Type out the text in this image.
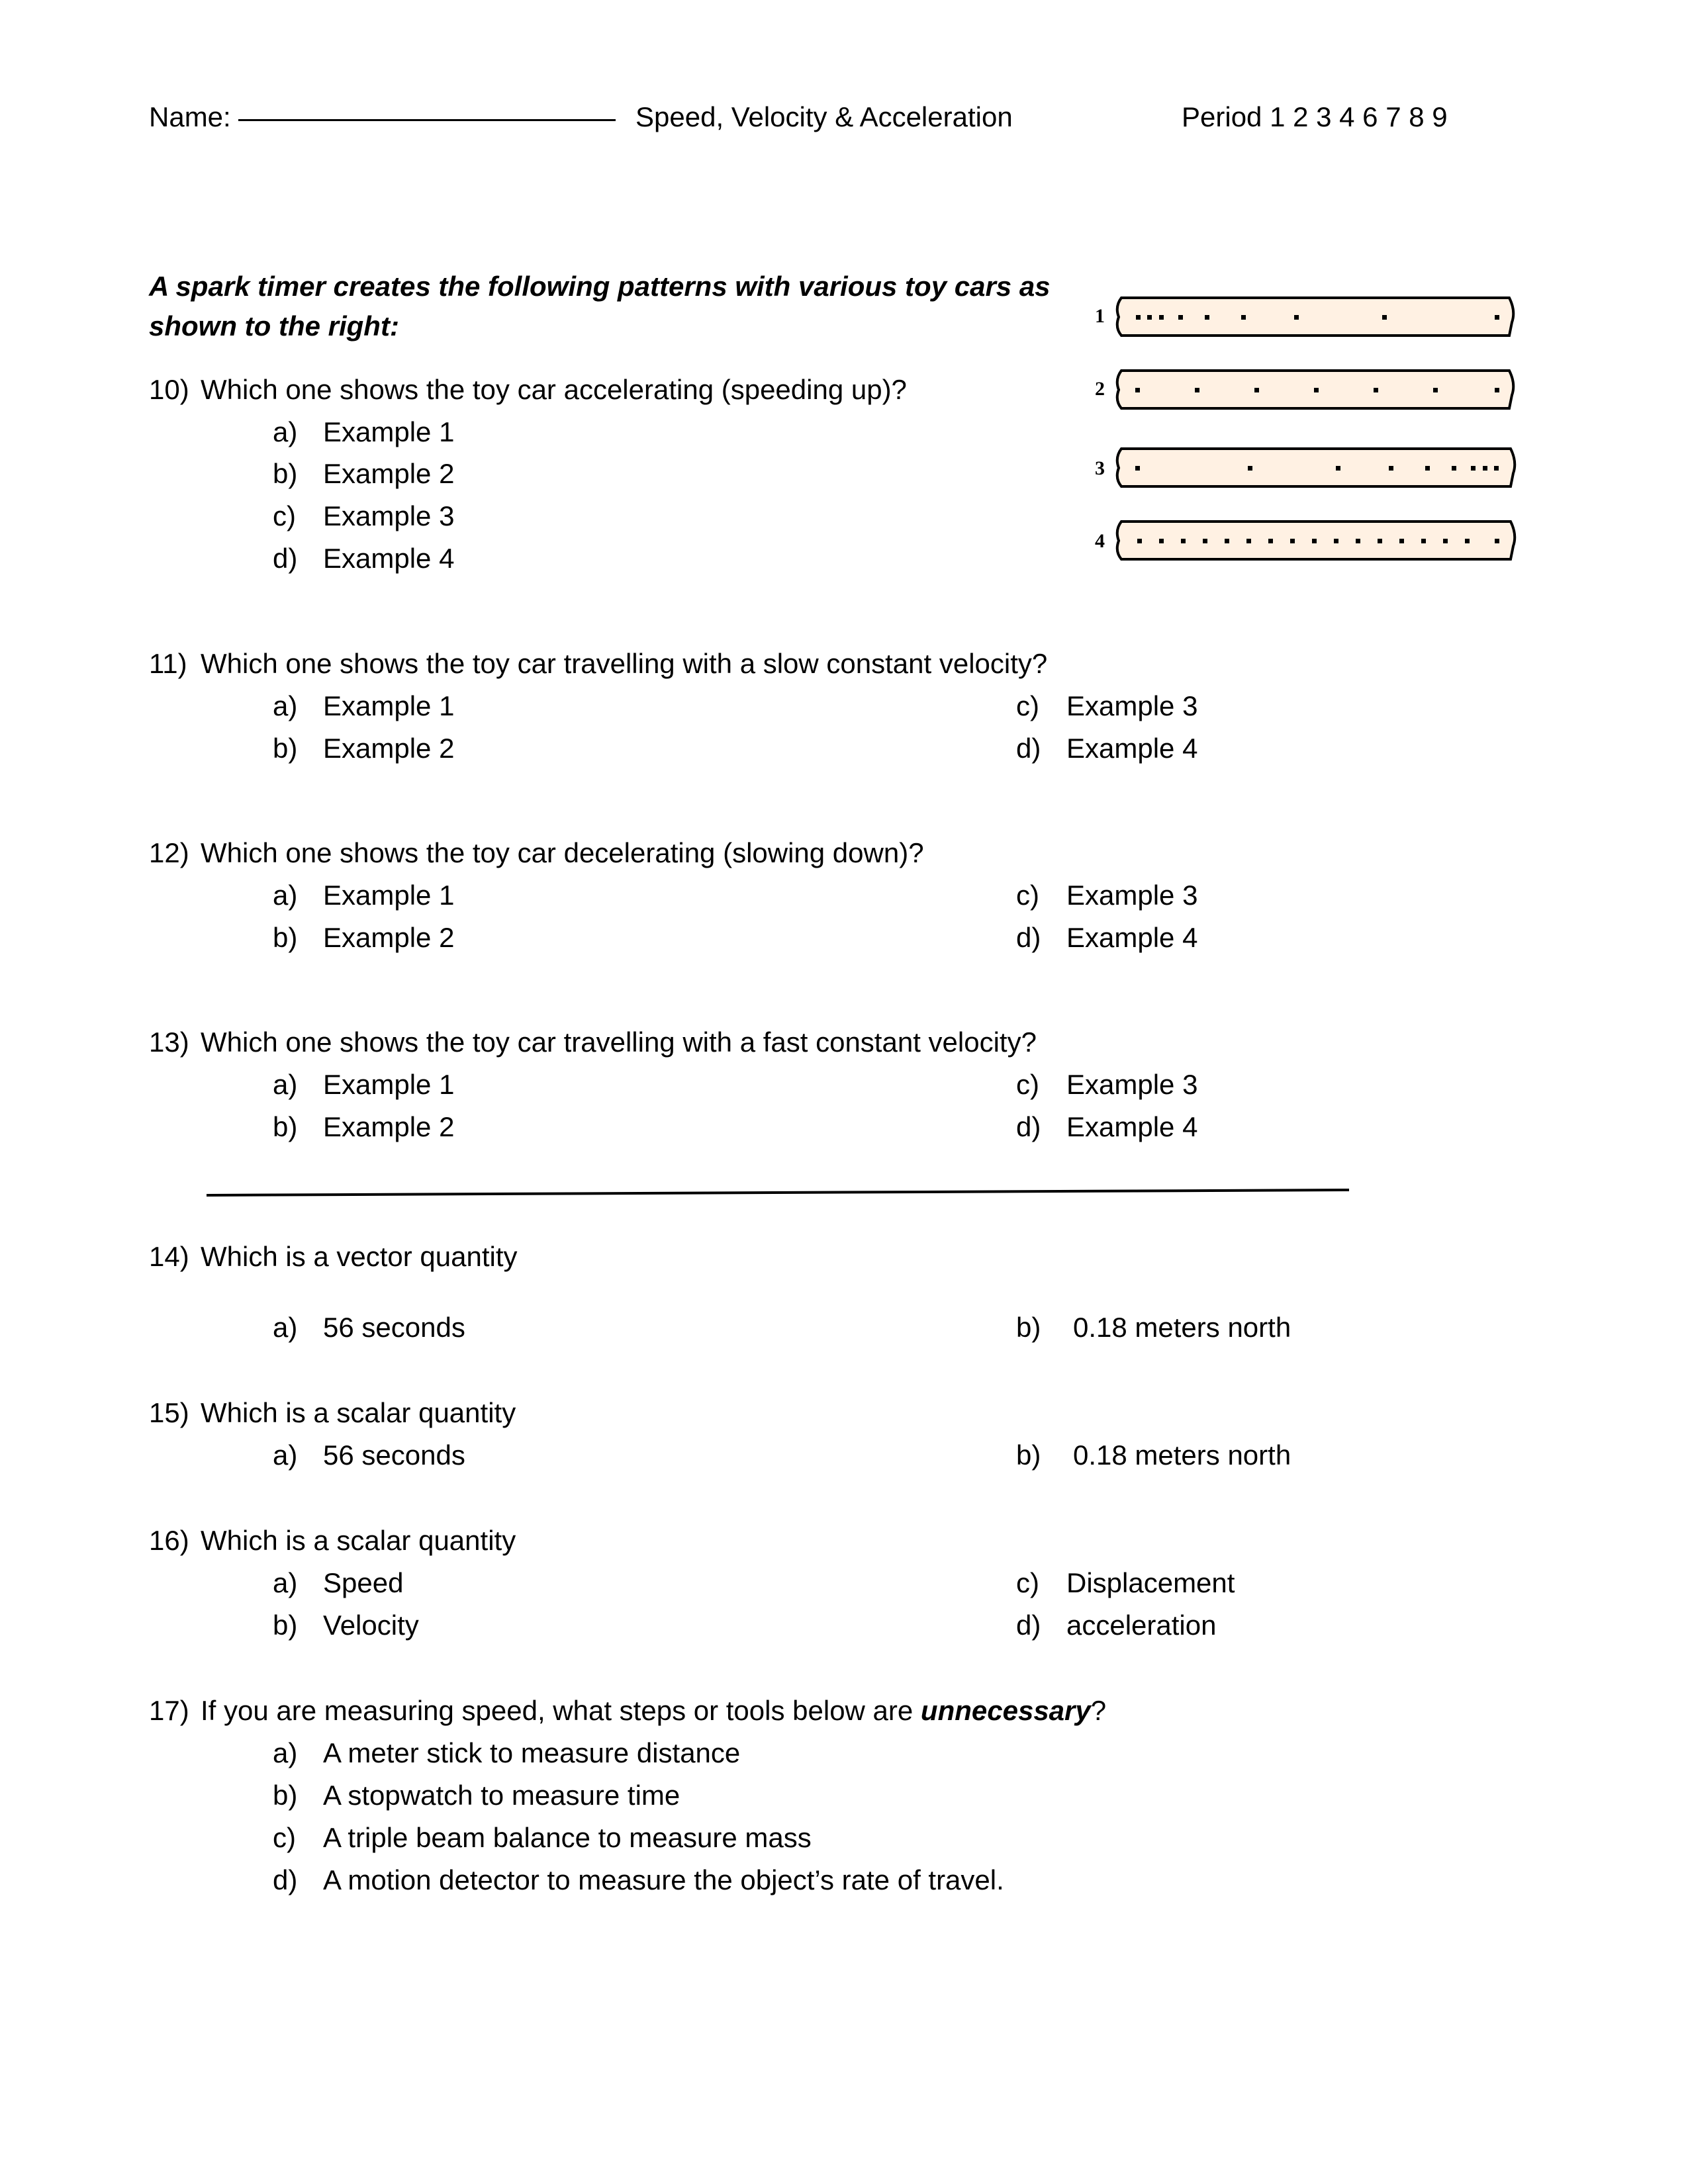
Name:	Speed, Velocity & Acceleration	Period 1 2 3 4 6 7 8 9
A spark timer creates the following patterns with various toy cars as
shown to the right:	1
2
3
4
10) Which one shows the toy car accelerating (speeding up)?
a) Example 1
b) Example 2
c) Example 3
d) Example 4
11) Which one shows the toy car travelling with a slow constant velocity?
a) Example 1
b) Example 2
c) Example 3
d) Example 4
12) Which one shows the toy car decelerating (slowing down)?
a) Example 1
b) Example 2
c) Example 3
d) Example 4
13) Which one shows the toy car travelling with a fast constant velocity?
a) Example 1
b) Example 2
c) Example 3
d) Example 4
14) Which is a vector quantity
a) 56 seconds	b) 0.18 meters north
15) Which is a scalar quantity
a) 56 seconds	b) 0.18 meters north
16) Which is a scalar quantity
a) Speed
b) Velocity
c) Displacement
d) acceleration
17) If you are measuring speed, what steps or tools below are unnecessary?
a) A meter stick to measure distance
b) A stopwatch to measure time
c) A triple beam balance to measure mass
d) A motion detector to measure the object’s rate of travel.
